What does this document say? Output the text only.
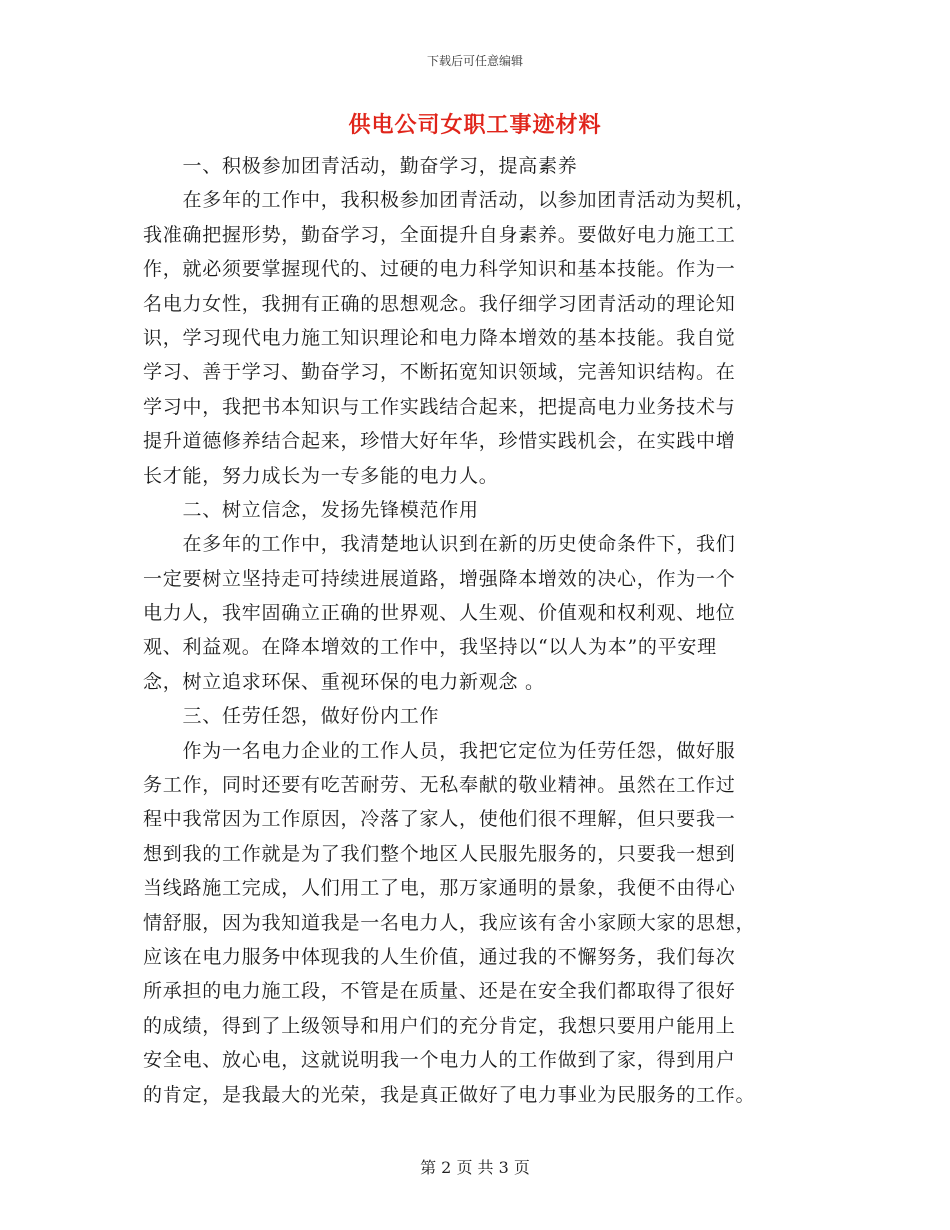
下载后可任意编辑
供电公司女职工事迹材料
　　一、积极参加团青活动，勤奋学习，提高素养
　　在多年的工作中，我积极参加团青活动，以参加团青活动为契机，
我准确把握形势，勤奋学习，全面提升自身素养。要做好电力施工工
作，就必须要掌握现代的、过硬的电力科学知识和基本技能。作为一
名电力女性，我拥有正确的思想观念。我仔细学习团青活动的理论知
识，学习现代电力施工知识理论和电力降本增效的基本技能。我自觉
学习、善于学习、勤奋学习，不断拓宽知识领域，完善知识结构。在
学习中，我把书本知识与工作实践结合起来，把提高电力业务技术与
提升道德修养结合起来，珍惜大好年华，珍惜实践机会，在实践中增
长才能，努力成长为一专多能的电力人。
　　二、树立信念，发扬先锋模范作用
　　在多年的工作中，我清楚地认识到在新的历史使命条件下，我们
一定要树立坚持走可持续进展道路，增强降本增效的决心，作为一个
电力人，我牢固确立正确的世界观、人生观、价值观和权利观、地位
观、利益观。在降本增效的工作中，我坚持以“以人为本”的平安理
念，树立追求环保、重视环保的电力新观念 。
　　三、任劳任怨，做好份内工作
　　作为一名电力企业的工作人员，我把它定位为任劳任怨，做好服
务工作，同时还要有吃苦耐劳、无私奉献的敬业精神。虽然在工作过
程中我常因为工作原因，冷落了家人，使他们很不理解，但只要我一
想到我的工作就是为了我们整个地区人民服先服务的，只要我一想到
当线路施工完成，人们用工了电，那万家通明的景象，我便不由得心
情舒服，因为我知道我是一名电力人，我应该有舍小家顾大家的思想，
应该在电力服务中体现我的人生价值，通过我的不懈努务，我们每次
所承担的电力施工段，不管是在质量、还是在安全我们都取得了很好
的成绩，得到了上级领导和用户们的充分肯定，我想只要用户能用上
安全电、放心电，这就说明我一个电力人的工作做到了家，得到用户
的肯定，是我最大的光荣，我是真正做好了电力事业为民服务的工作。
第 2 页 共 3 页
